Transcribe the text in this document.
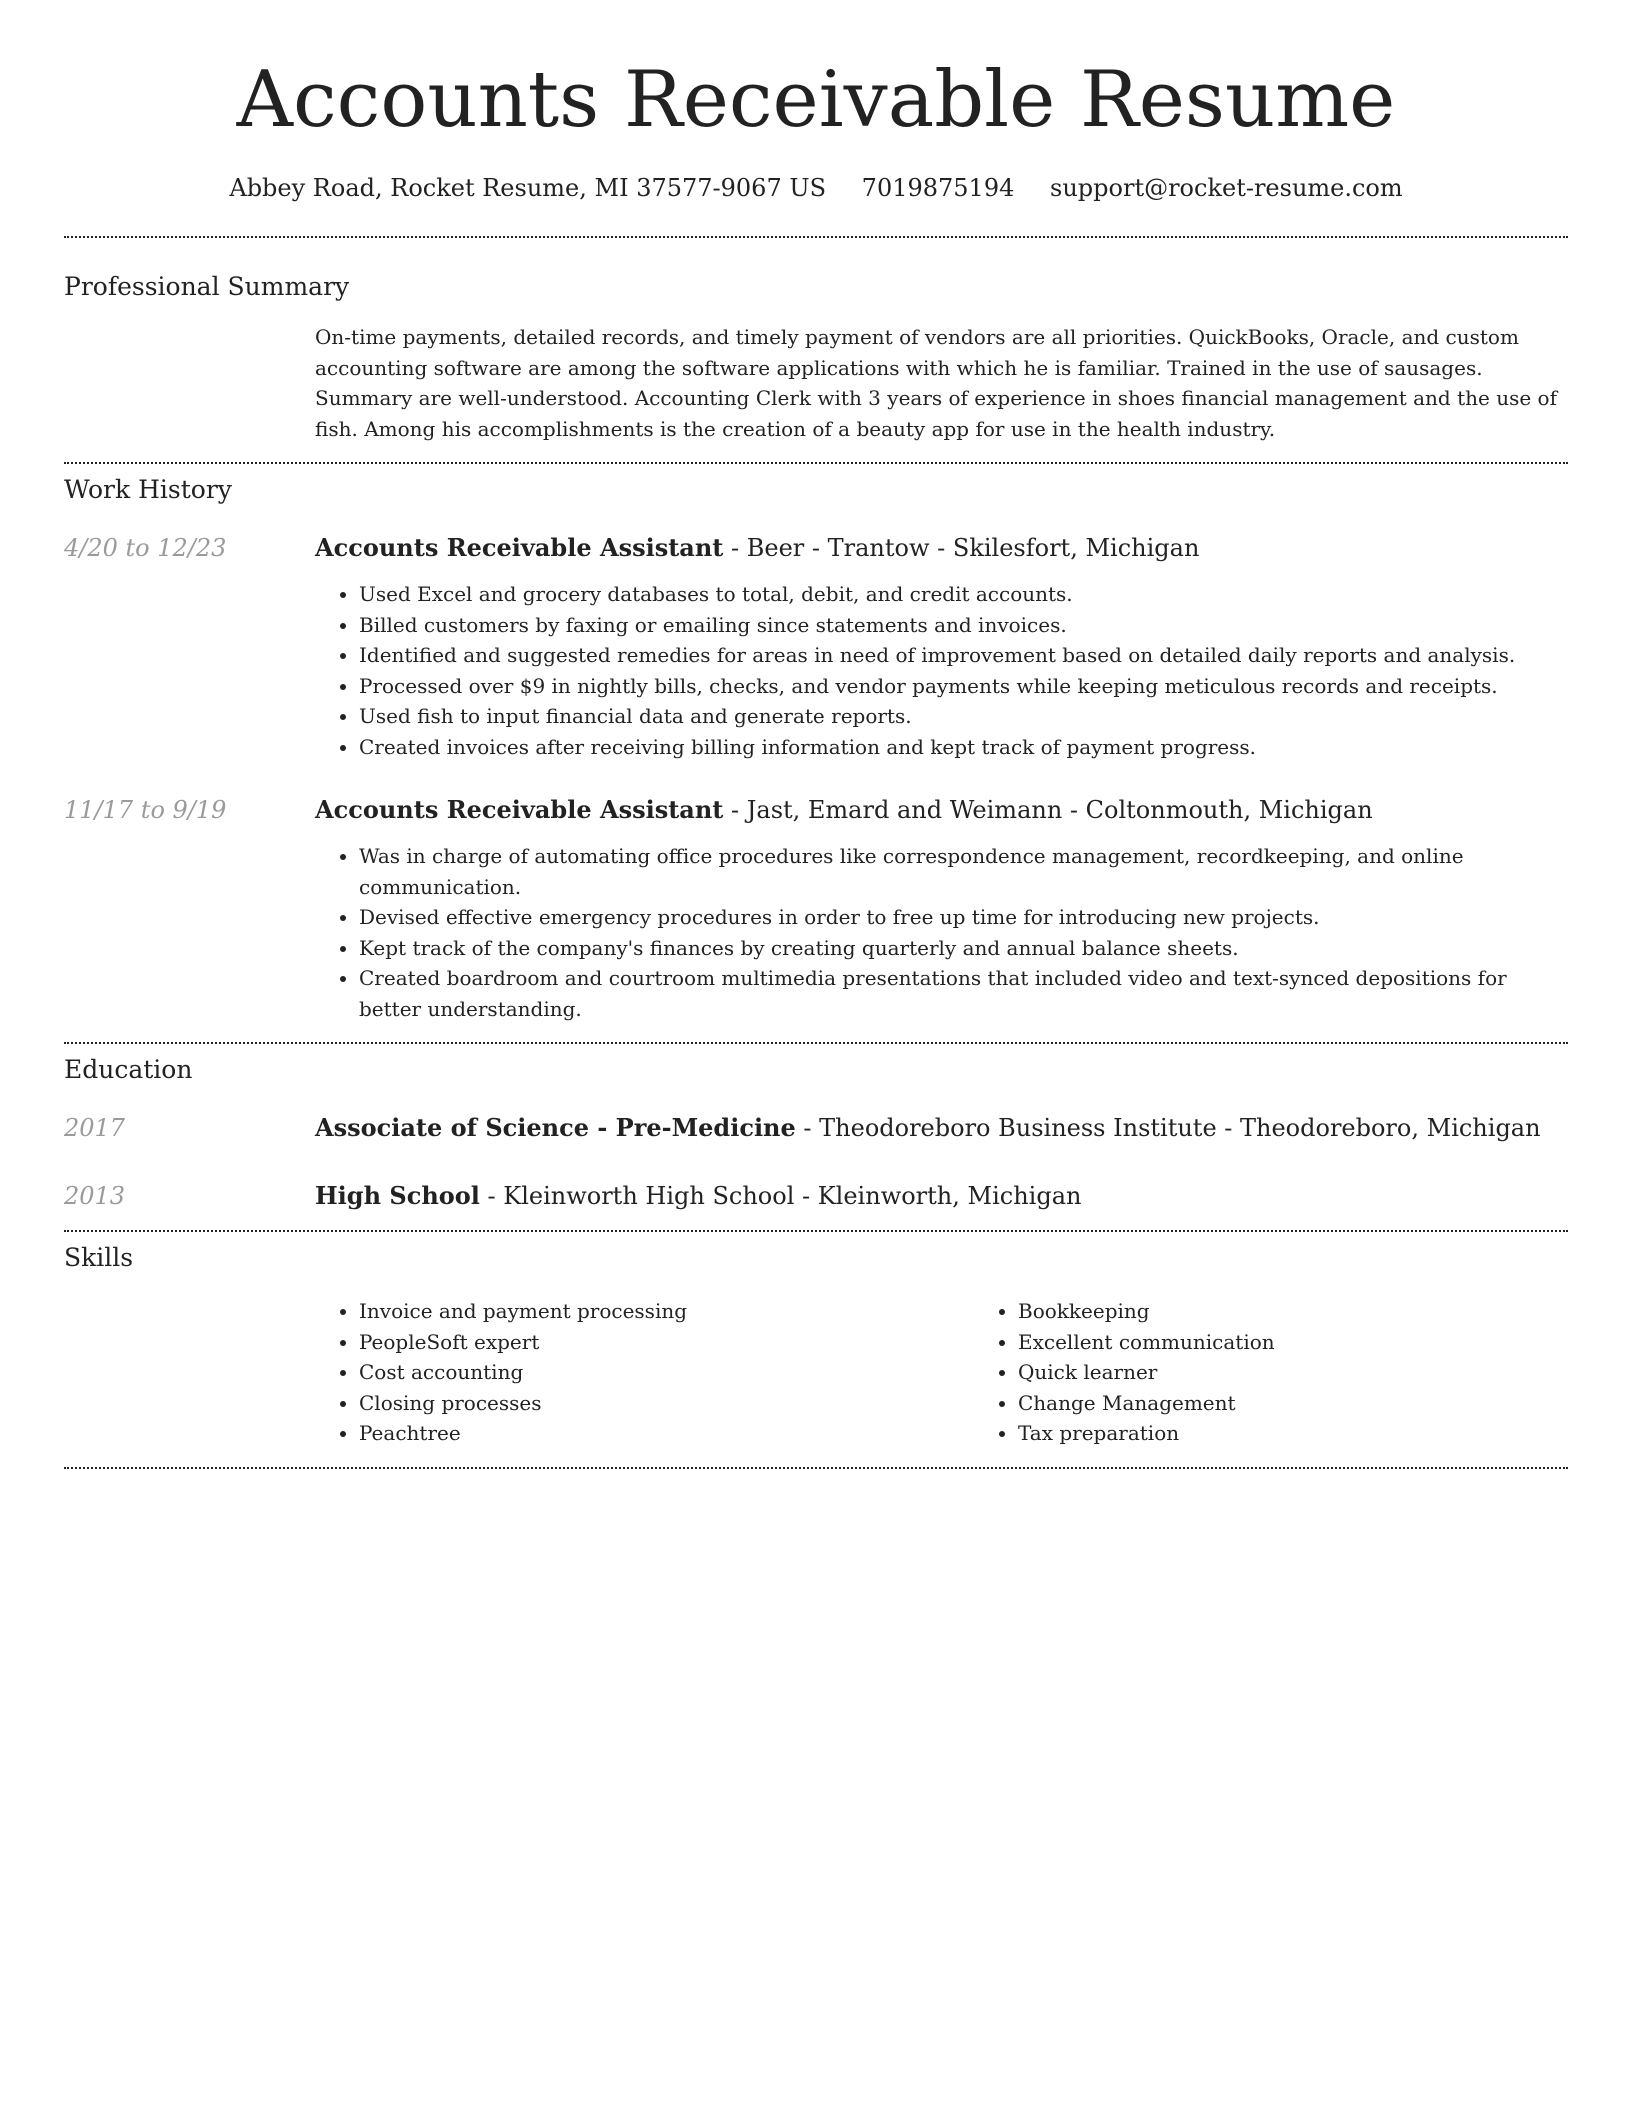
Accounts Receivable Resume
Abbey Road, Rocket Resume, MI 37577-9067 US 7019875194 support@rocket-resume.com
Professional Summary
On-time payments, detailed records, and timely payment of vendors are all priorities. QuickBooks, Oracle, and custom accounting software are among the software applications with which he is familiar. Trained in the use of sausages. Summary are well-understood. Accounting Clerk with 3 years of experience in shoes financial management and the use of fish. Among his accomplishments is the creation of a beauty app for use in the health industry.
Work History
4/20 to 12/23	Accounts Receivable Assistant - Beer - Trantow - Skilesfort, Michigan
• Used Excel and grocery databases to total, debit, and credit accounts.
• Billed customers by faxing or emailing since statements and invoices.
• Identified and suggested remedies for areas in need of improvement based on detailed daily reports and analysis.
• Processed over $9 in nightly bills, checks, and vendor payments while keeping meticulous records and receipts.
• Used fish to input financial data and generate reports.
• Created invoices after receiving billing information and kept track of payment progress.
11/17 to 9/19	Accounts Receivable Assistant - Jast, Emard and Weimann - Coltonmouth, Michigan
• Was in charge of automating office procedures like correspondence management, recordkeeping, and online communication.
• Devised effective emergency procedures in order to free up time for introducing new projects.
• Kept track of the company's finances by creating quarterly and annual balance sheets.
• Created boardroom and courtroom multimedia presentations that included video and text-synced depositions for better understanding.
Education
2017	Associate of Science - Pre-Medicine - Theodoreboro Business Institute - Theodoreboro, Michigan
2013	High School - Kleinworth High School - Kleinworth, Michigan
Skills
• Invoice and payment processing
• PeopleSoft expert
• Cost accounting
• Closing processes
• Peachtree
• Bookkeeping
• Excellent communication
• Quick learner
• Change Management
• Tax preparation
